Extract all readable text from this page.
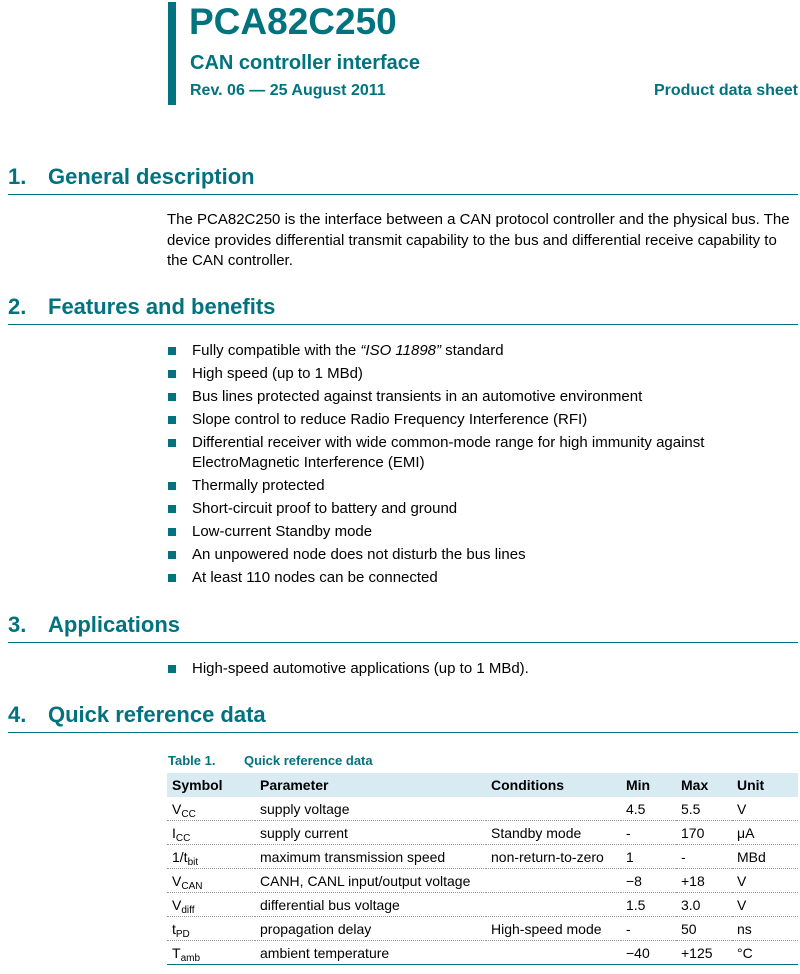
PCA82C250
CAN controller interface
Rev. 06 — 25 August 2011	Product data sheet
1. General description
The PCA82C250 is the interface between a CAN protocol controller and the physical bus. The device provides differential transmit capability to the bus and differential receive capability to the CAN controller.
2. Features and benefits
Fully compatible with the “ISO 11898” standard
High speed (up to 1 MBd)
Bus lines protected against transients in an automotive environment
Slope control to reduce Radio Frequency Interference (RFI)
Differential receiver with wide common-mode range for high immunity against ElectroMagnetic Interference (EMI)
Thermally protected
Short-circuit proof to battery and ground
Low-current Standby mode
An unpowered node does not disturb the bus lines
At least 110 nodes can be connected
3. Applications
High-speed automotive applications (up to 1 MBd).
4. Quick reference data
Table 1. Quick reference data
Symbol	Parameter	Conditions	Min	Max	Unit
$V_{CC}$	supply voltage		4.5	5.5	V
$I_{CC}$	supply current	Standby mode	-	170	μA
$1/t_{bit}$	maximum transmission speed	non-return-to-zero	1	-	MBd
$V_{CAN}$	CANH, CANL input/output voltage		−8	+18	V
$V_{diff}$	differential bus voltage		1.5	3.0	V
$t_{PD}$	propagation delay	High-speed mode	-	50	ns
$T_{amb}$	ambient temperature		−40	+125	°C
